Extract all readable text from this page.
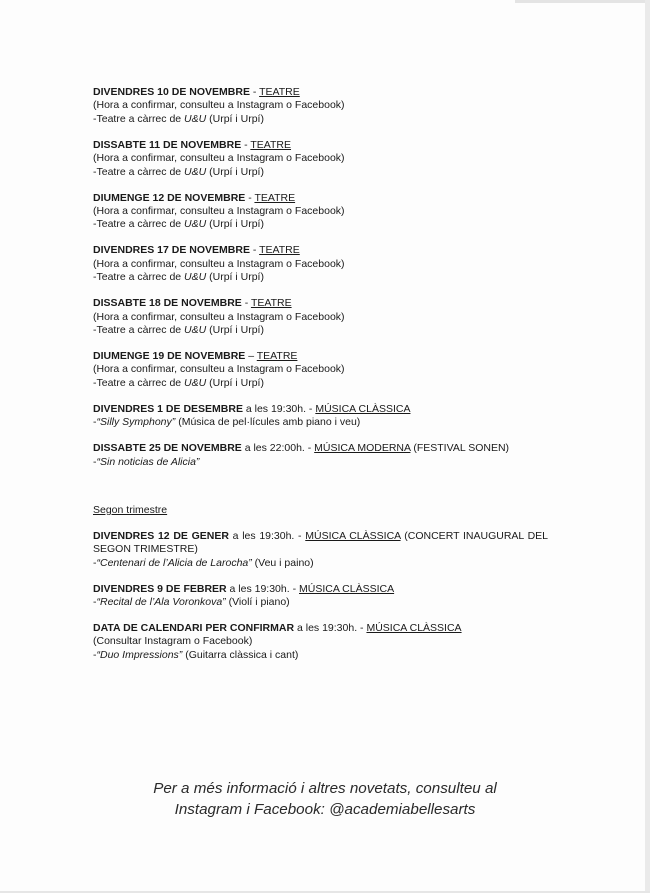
DIVENDRES 10 DE NOVEMBRE - TEATRE
(Hora a confirmar, consulteu a Instagram o Facebook)
-Teatre a càrrec de U&U (Urpí i Urpí)
DISSABTE 11 DE NOVEMBRE - TEATRE
(Hora a confirmar, consulteu a Instagram o Facebook)
-Teatre a càrrec de U&U (Urpí i Urpí)
DIUMENGE 12 DE NOVEMBRE - TEATRE
(Hora a confirmar, consulteu a Instagram o Facebook)
-Teatre a càrrec de U&U (Urpí i Urpí)
DIVENDRES 17 DE NOVEMBRE - TEATRE
(Hora a confirmar, consulteu a Instagram o Facebook)
-Teatre a càrrec de U&U (Urpí i Urpí)
DISSABTE 18 DE NOVEMBRE - TEATRE
(Hora a confirmar, consulteu a Instagram o Facebook)
-Teatre a càrrec de U&U (Urpí i Urpí)
DIUMENGE 19 DE NOVEMBRE – TEATRE
(Hora a confirmar, consulteu a Instagram o Facebook)
-Teatre a càrrec de U&U (Urpí i Urpí)
DIVENDRES 1 DE DESEMBRE a les 19:30h. - MÚSICA CLÀSSICA
-“Silly Symphony” (Música de pel·lícules amb piano i veu)
DISSABTE 25 DE NOVEMBRE a les 22:00h. - MÚSICA MODERNA (FESTIVAL SONEN)
-“Sin noticias de Alicia”
Segon trimestre
DIVENDRES 12 DE GENER a les 19:30h. - MÚSICA CLÀSSICA (CONCERT INAUGURAL DEL SEGON TRIMESTRE)
-“Centenari de l’Alicia de Larocha” (Veu i paino)
DIVENDRES 9 DE FEBRER a les 19:30h. - MÚSICA CLÀSSICA
-“Recital de l’Ala Voronkova” (Violí i piano)
DATA DE CALENDARI PER CONFIRMAR a les 19:30h. - MÚSICA CLÀSSICA
(Consultar Instagram o Facebook)
-“Duo Impressions” (Guitarra clàssica i cant)
Per a més informació i altres novetats, consulteu al
Instagram i Facebook: @academiabellesarts
